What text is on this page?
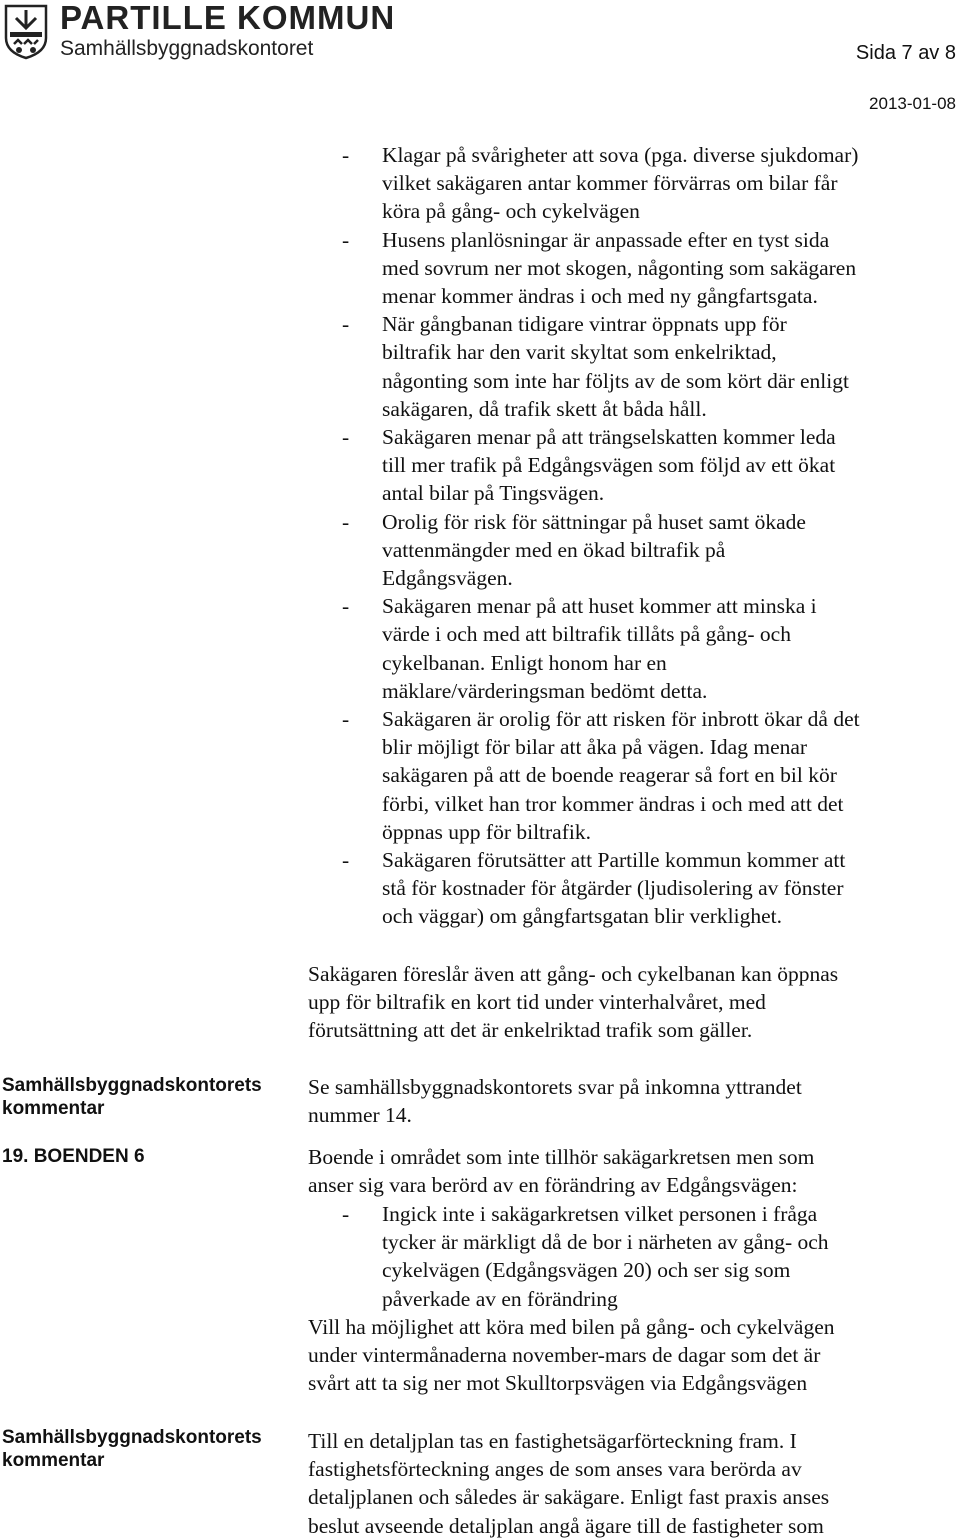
PARTILLE KOMMUN
Samhällsbyggnadskontoret	Sida 7 av 8
2013-01-08
- Klagar på svårigheter att sova (pga. diverse sjukdomar)
vilket sakägaren antar kommer förvärras om bilar får
köra på gång- och cykelvägen
- Husens planlösningar är anpassade efter en tyst sida
med sovrum ner mot skogen, någonting som sakägaren
menar kommer ändras i och med ny gångfartsgata.
- När gångbanan tidigare vintrar öppnats upp för
biltrafik har den varit skyltat som enkelriktad,
någonting som inte har följts av de som kört där enligt
sakägaren, då trafik skett åt båda håll.
- Sakägaren menar på att trängselskatten kommer leda
till mer trafik på Edgångsvägen som följd av ett ökat
antal bilar på Tingsvägen.
- Orolig för risk för sättningar på huset samt ökade
vattenmängder med en ökad biltrafik på
Edgångsvägen.
- Sakägaren menar på att huset kommer att minska i
värde i och med att biltrafik tillåts på gång- och
cykelbanan. Enligt honom har en
mäklare/värderingsman bedömt detta.
- Sakägaren är orolig för att risken för inbrott ökar då det
blir möjligt för bilar att åka på vägen. Idag menar
sakägaren på att de boende reagerar så fort en bil kör
förbi, vilket han tror kommer ändras i och med att det
öppnas upp för biltrafik.
- Sakägaren förutsätter att Partille kommun kommer att
stå för kostnader för åtgärder (ljudisolering av fönster
och väggar) om gångfartsgatan blir verklighet.

Sakägaren föreslår även att gång- och cykelbanan kan öppnas
upp för biltrafik en kort tid under vinterhalvåret, med
förutsättning att det är enkelriktad trafik som gäller.

Samhällsbyggnadskontorets
kommentar

Se samhällsbyggnadskontorets svar på inkomna yttrandet
nummer 14.

19. BOENDEN 6	Boende i området som inte tillhör sakägarkretsen men som
anser sig vara berörd av en förändring av Edgångsvägen:

- Ingick inte i sakägarkretsen vilket personen i fråga
tycker är märkligt då de bor i närheten av gång- och
cykelvägen (Edgångsvägen 20) och ser sig som
påverkade av en förändring

Vill ha möjlighet att köra med bilen på gång- och cykelvägen
under vintermånaderna november-mars de dagar som det är
svårt att ta sig ner mot Skulltorpsvägen via Edgångsvägen

Samhällsbyggnadskontorets
kommentar

Till en detaljplan tas en fastighetsägarförteckning fram. I
fastighetsförteckning anges de som anses vara berörda av
detaljplanen och således är sakägare. Enligt fast praxis anses
beslut avseende detaljplan angå ägare till de fastigheter som
